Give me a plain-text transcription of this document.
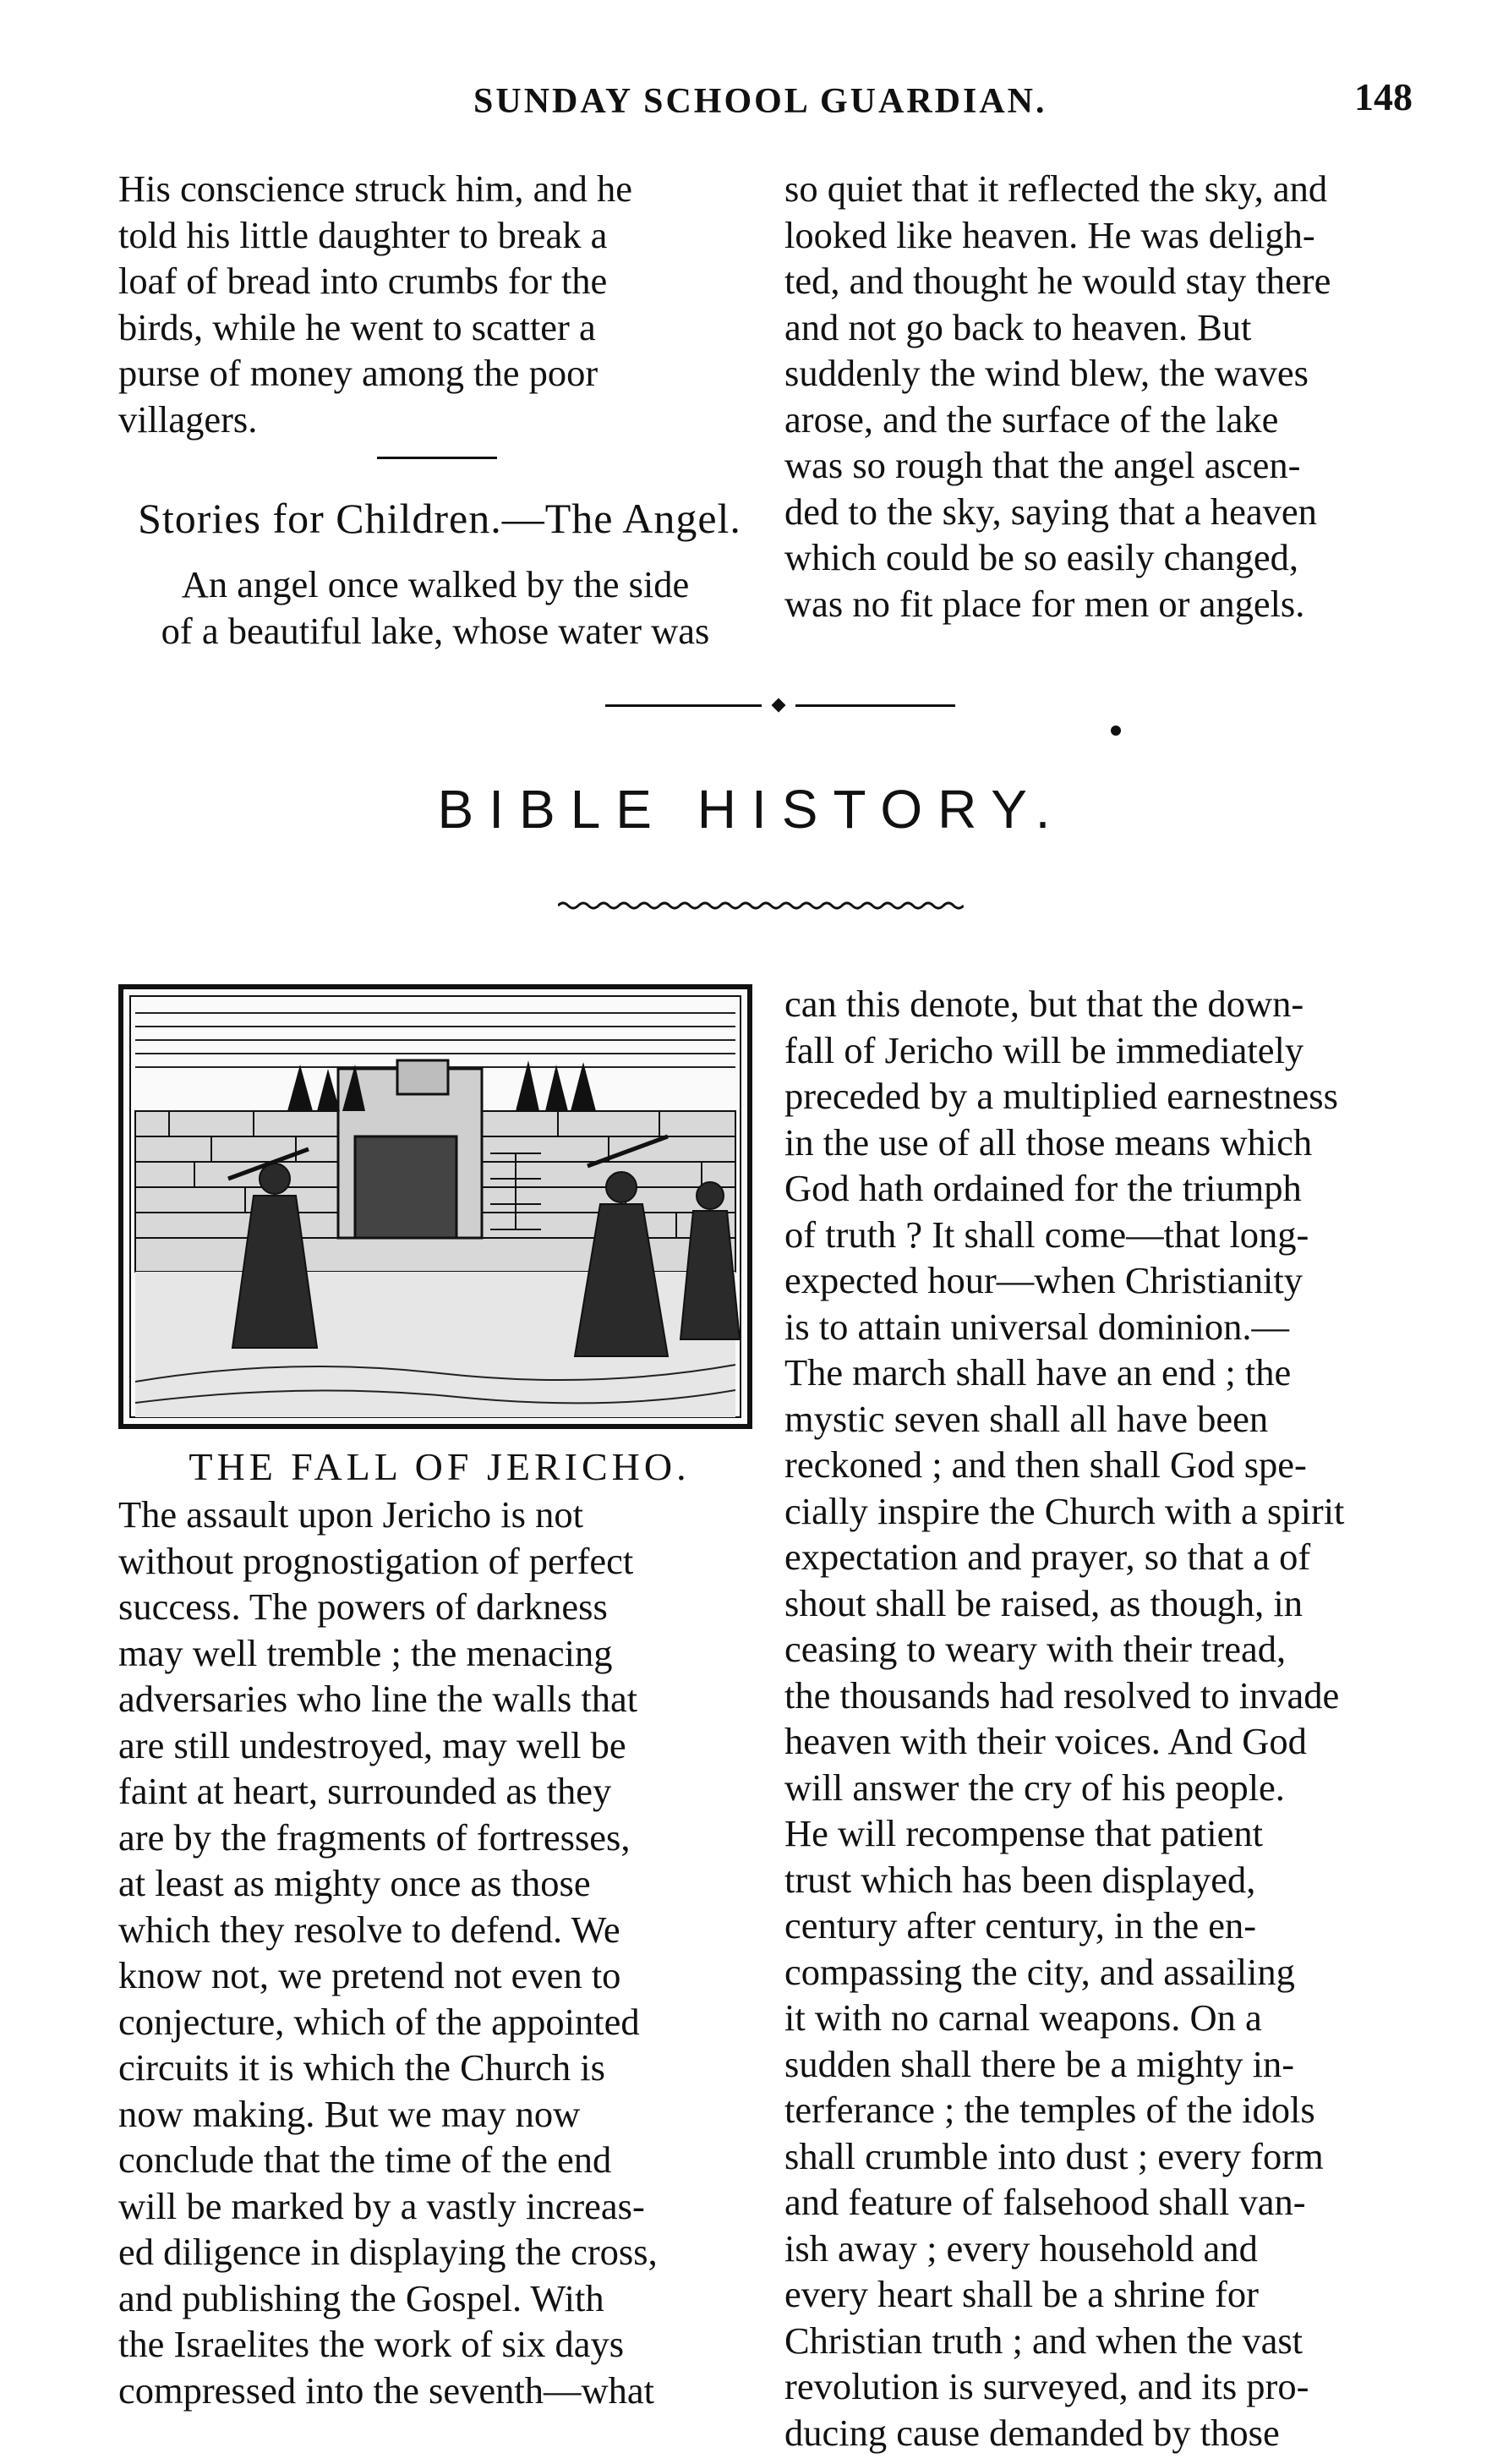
SUNDAY SCHOOL GUARDIAN.	148
His conscience struck him, and he
told his little daughter to break a
loaf of bread into crumbs for the
birds, while he went to scatter a
purse of money among the poor
villagers.
Stories for Children.—The Angel.
An angel once walked by the side
of a beautiful lake, whose water was
so quiet that it reflected the sky, and
looked like heaven. He was deligh-
ted, and thought he would stay there
and not go back to heaven. But
suddenly the wind blew, the waves
arose, and the surface of the lake
was so rough that the angel ascen-
ded to the sky, saying that a heaven
which could be so easily changed,
was no fit place for men or angels.
BIBLE HISTORY.
THE FALL OF JERICHO.
The assault upon Jericho is not
without prognostigation of perfect
success. The powers of darkness
may well tremble ; the menacing
adversaries who line the walls that
are still undestroyed, may well be
faint at heart, surrounded as they
are by the fragments of fortresses,
at least as mighty once as those
which they resolve to defend. We
know not, we pretend not even to
conjecture, which of the appointed
circuits it is which the Church is
now making. But we may now
conclude that the time of the end
will be marked by a vastly increas-
ed diligence in displaying the cross,
and publishing the Gospel. With
the Israelites the work of six days
compressed into the seventh—what
can this denote, but that the down-
fall of Jericho will be immediately
preceded by a multiplied earnestness
in the use of all those means which
God hath ordained for the triumph
of truth ? It shall come—that long-
expected hour—when Christianity
is to attain universal dominion.—
The march shall have an end ; the
mystic seven shall all have been
reckoned ; and then shall God spe-
cially inspire the Church with a spirit
expectation and prayer, so that a of
shout shall be raised, as though, in
ceasing to weary with their tread,
the thousands had resolved to invade
heaven with their voices. And God
will answer the cry of his people.
He will recompense that patient
trust which has been displayed,
century after century, in the en-
compassing the city, and assailing
it with no carnal weapons. On a
sudden shall there be a mighty in-
terferance ; the temples of the idols
shall crumble into dust ; every form
and feature of falsehood shall van-
ish away ; every household and
every heart shall be a shrine for
Christian truth ; and when the vast
revolution is surveyed, and its pro-
ducing cause demanded by those
